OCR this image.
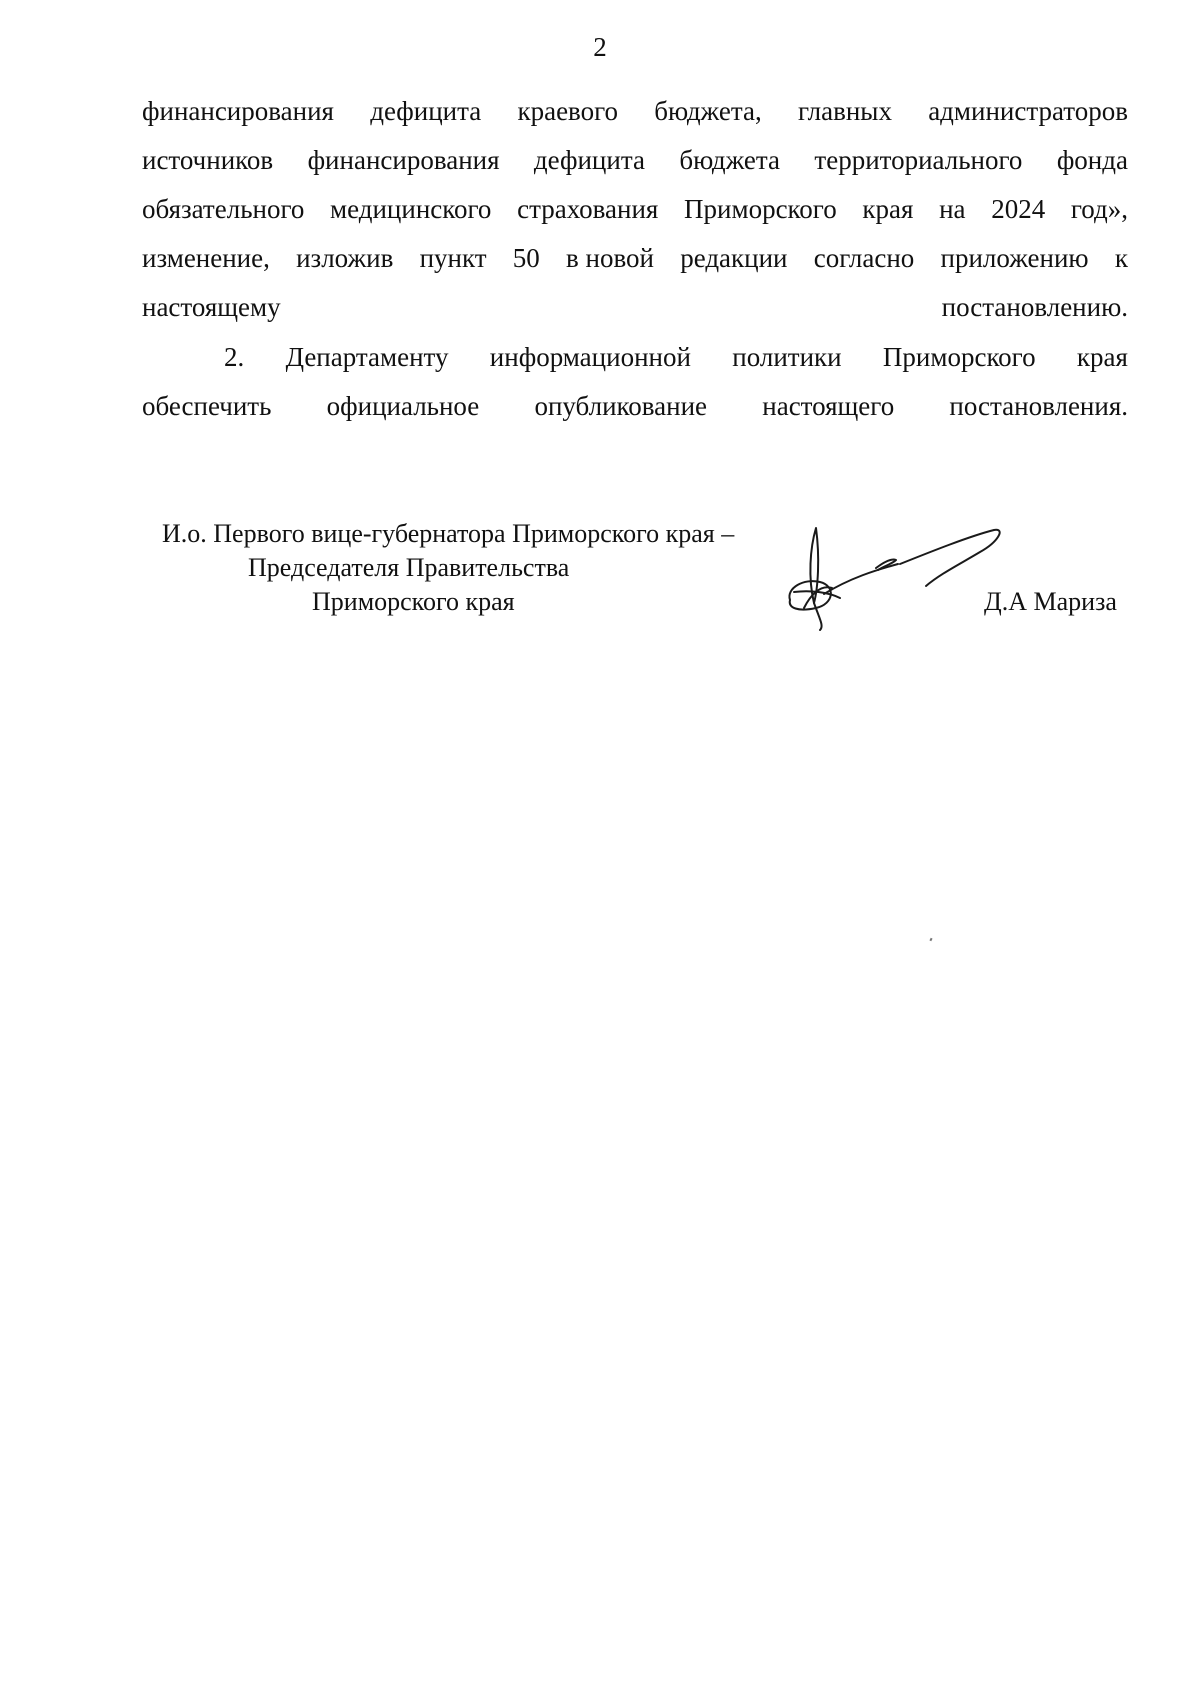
2
финансирования дефицита краевого бюджета, главных администраторов
источников финансирования дефицита бюджета территориального фонда
обязательного медицинского страхования Приморского края на 2024 год»,
изменение, изложив пункт 50 в новой редакции согласно приложению к
настоящему постановлению.
2. Департаменту информационной политики Приморского края
обеспечить официальное опубликование настоящего постановления.
И.о. Первого вице-губернатора Приморского края –
Председателя Правительства
Приморского края	Д.А Мариза
